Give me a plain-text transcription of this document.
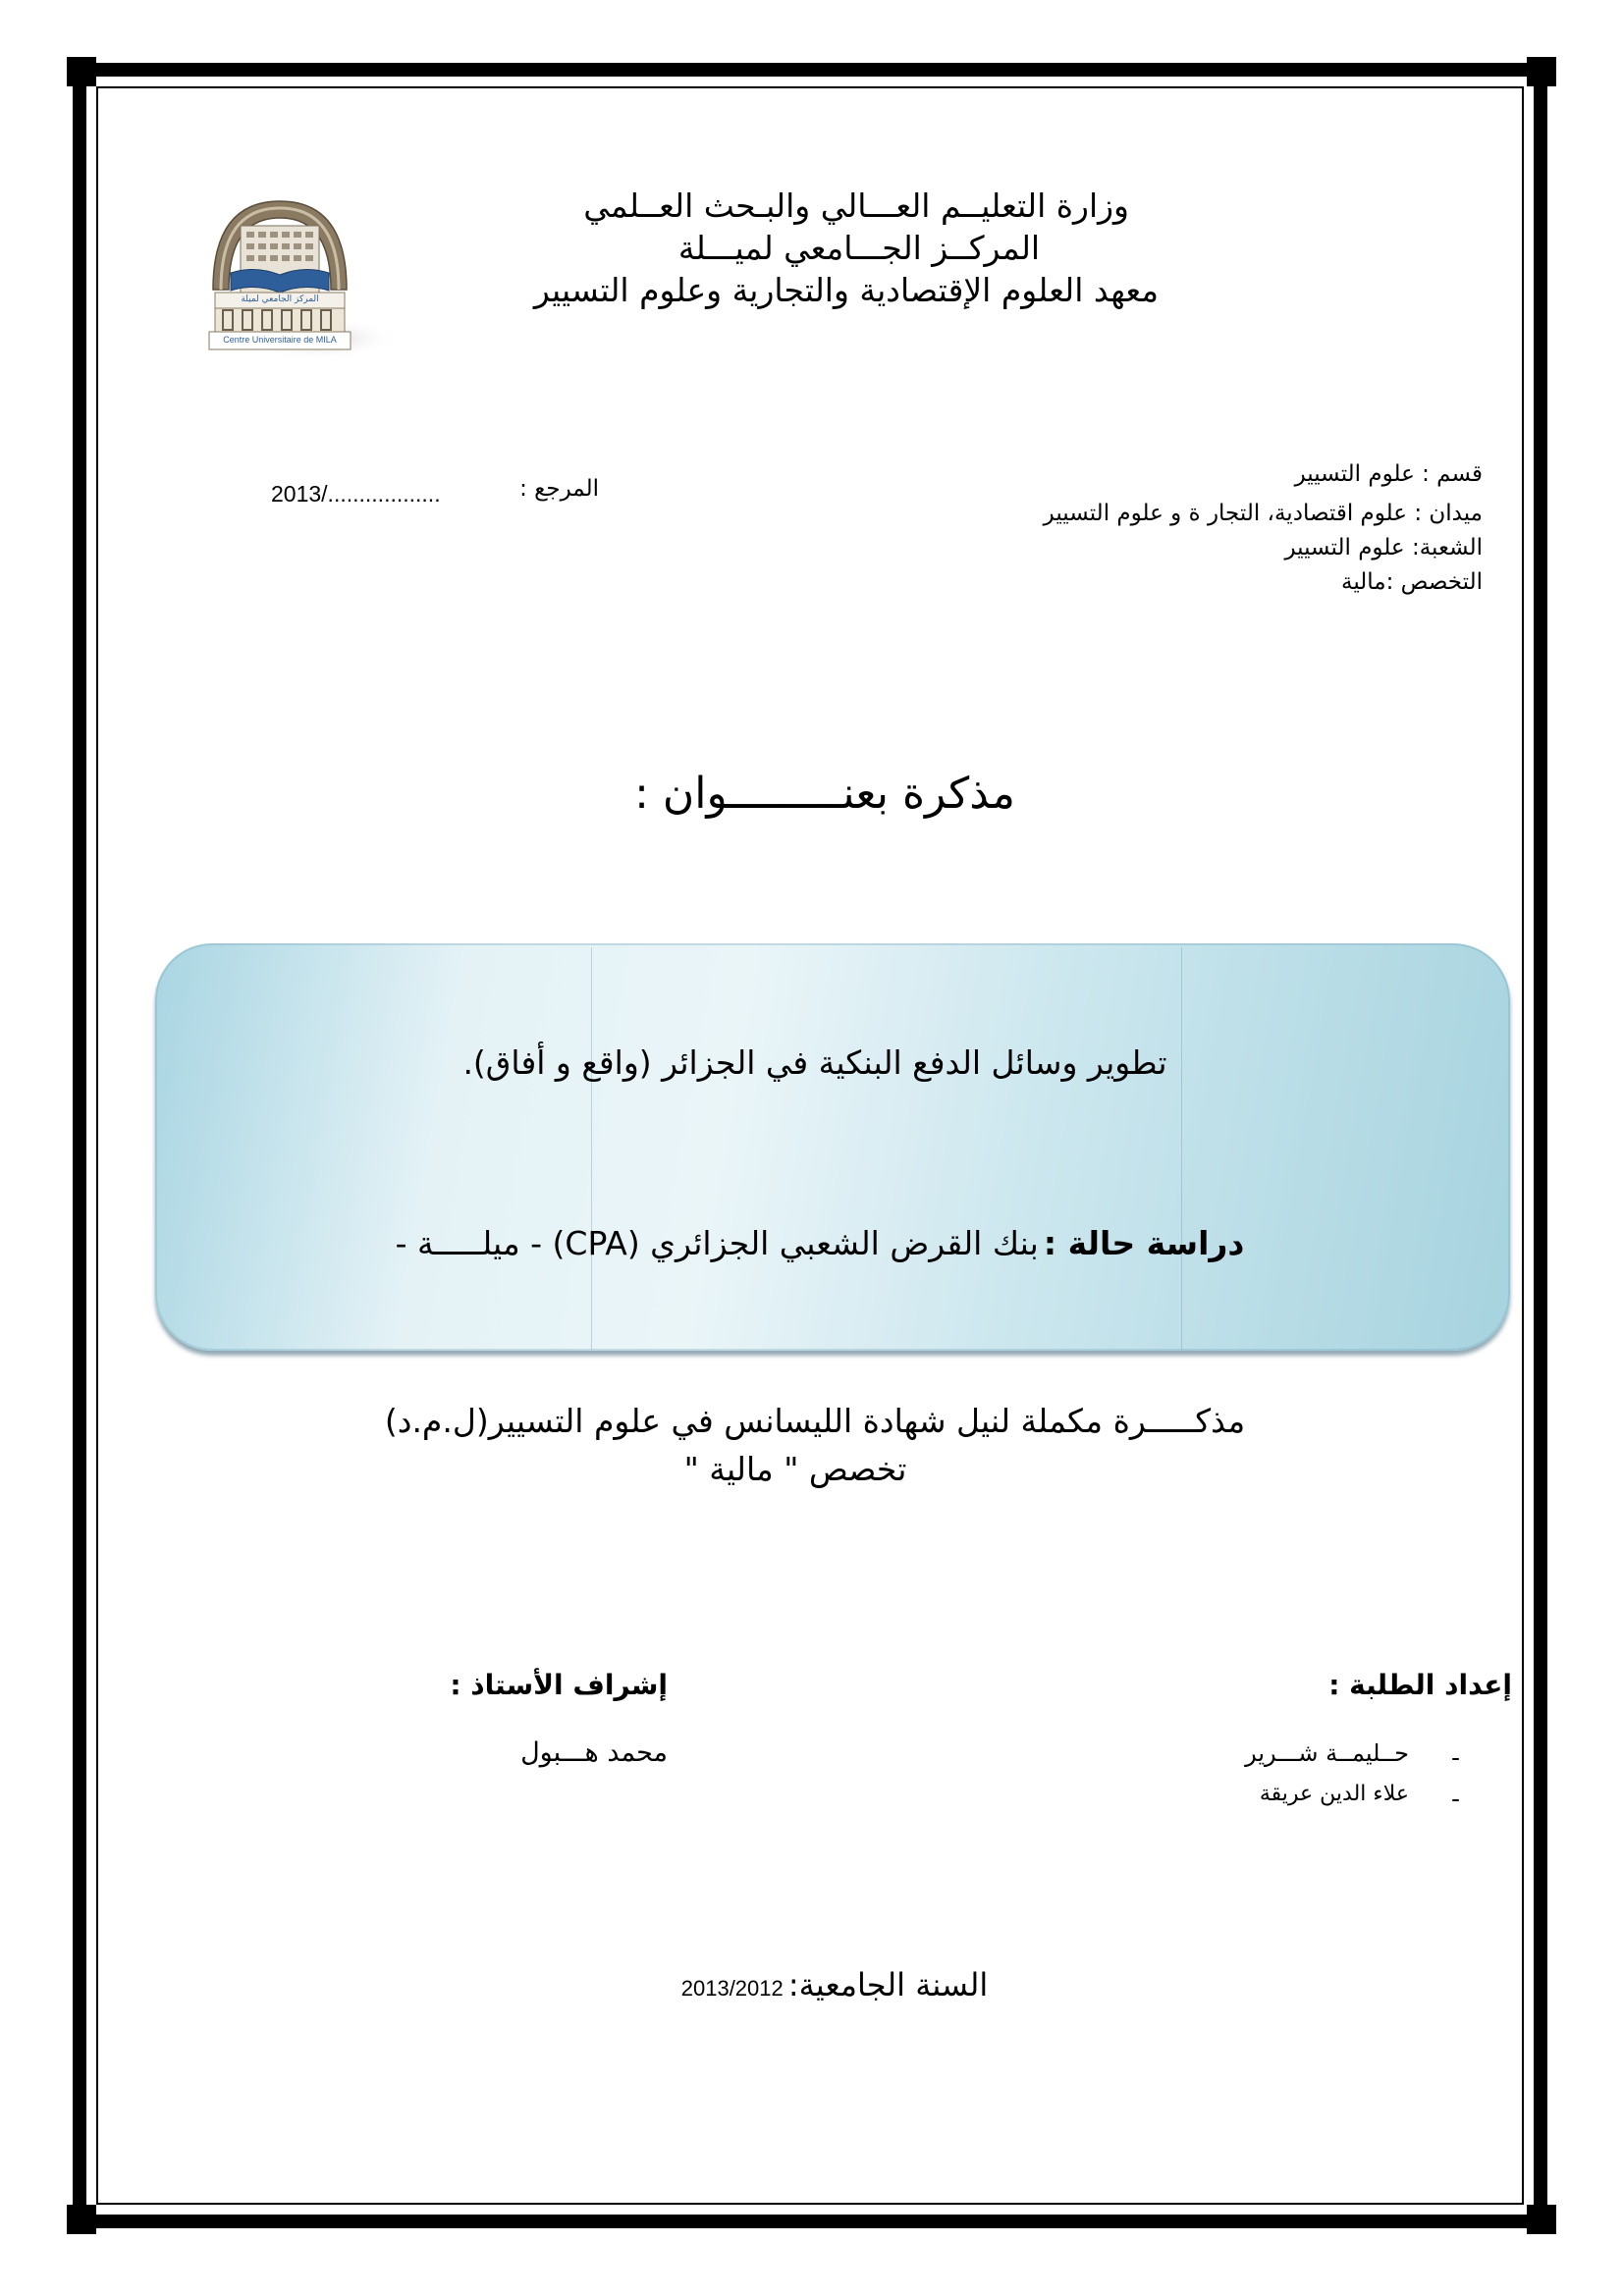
المركز الجامعي لميلة
Centre Universitaire de MILA
وزارة التعليــم العـــالي والبـحث العــلمي
المركــز الجـــامعي لميـــلة
معهد العلوم الإقتصادية والتجارية وعلوم التسيير
قسم : علوم التسيير
ميدان : علوم اقتصادية، التجار ة و علوم التسيير
الشعبة: علوم التسيير
التخصص :مالية
2013/..................	المرجع :
مذكرة بعنـــــــــوان :
تطوير وسائل الدفع البنكية في الجزائر (واقع و أفاق).
دراسة حالة : بنك القرض الشعبي الجزائري (CPA) - ميلـــــة -
مذكـــــرة مكملة لنيل شهادة الليسانس في علوم التسيير(ل.م.د)
تخصص " مالية "
إعداد الطلبة :
-
حــليمــة شـــرير
-
علاء الدين عريقة
إشراف الأستاذ :
محمد هـــبول
السنة الجامعية: 2013/2012
